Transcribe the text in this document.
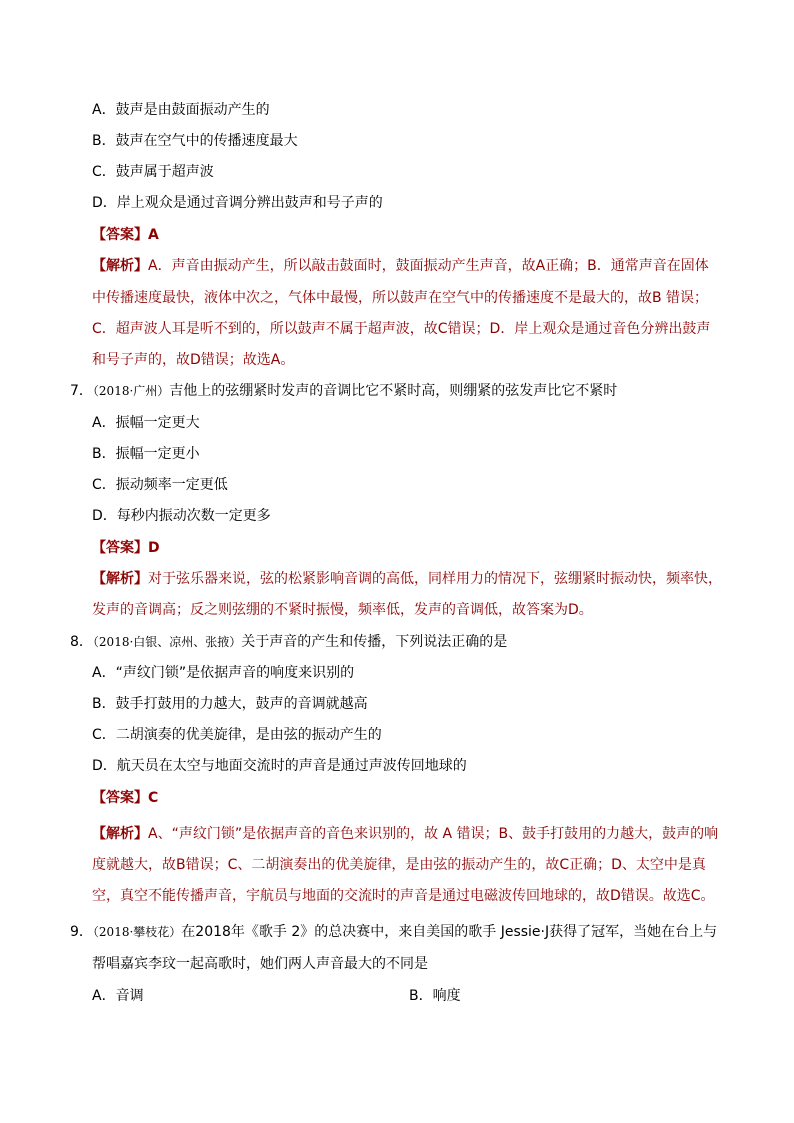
A．鼓声是由鼓面振动产生的
B．鼓声在空气中的传播速度最大
C．鼓声属于超声波
D．岸上观众是通过音调分辨出鼓声和号子声的
【答案】A
【解析】A．声音由振动产生，所以敲击鼓面时，鼓面振动产生声音，故A正确；B．通常声音在固体
中传播速度最快，液体中次之，气体中最慢，所以鼓声在空气中的传播速度不是最大的，故B 错误；
C．超声波人耳是听不到的，所以鼓声不属于超声波，故C错误；D．岸上观众是通过音色分辨出鼓声
和号子声的，故D错误；故选A。
7．（2018·广州）吉他上的弦绷紧时发声的音调比它不紧时高，则绷紧的弦发声比它不紧时
A．振幅一定更大
B．振幅一定更小
C．振动频率一定更低
D．每秒内振动次数一定更多
【答案】D
【解析】对于弦乐器来说，弦的松紧影响音调的高低，同样用力的情况下，弦绷紧时振动快，频率快，
发声的音调高；反之则弦绷的不紧时振慢，频率低，发声的音调低，故答案为D。
8．（2018·白银、凉州、张掖）关于声音的产生和传播，下列说法正确的是
A．“声纹门锁”是依据声音的响度来识别的
B．鼓手打鼓用的力越大，鼓声的音调就越高
C．二胡演奏的优美旋律，是由弦的振动产生的
D．航天员在太空与地面交流时的声音是通过声波传回地球的
【答案】C
【解析】A、“声纹门锁”是依据声音的音色来识别的，故 A 错误；B、鼓手打鼓用的力越大，鼓声的响
度就越大，故B错误；C、二胡演奏出的优美旋律，是由弦的振动产生的，故C正确；D、太空中是真
空，真空不能传播声音，宇航员与地面的交流时的声音是通过电磁波传回地球的，故D错误。故选C。
9．（2018·攀枝花）在2018年《歌手 2》的总决赛中，来自美国的歌手 Jessie·J获得了冠军，当她在台上与
帮唱嘉宾李玟一起高歌时，她们两人声音最大的不同是
A．音调	B．响度
